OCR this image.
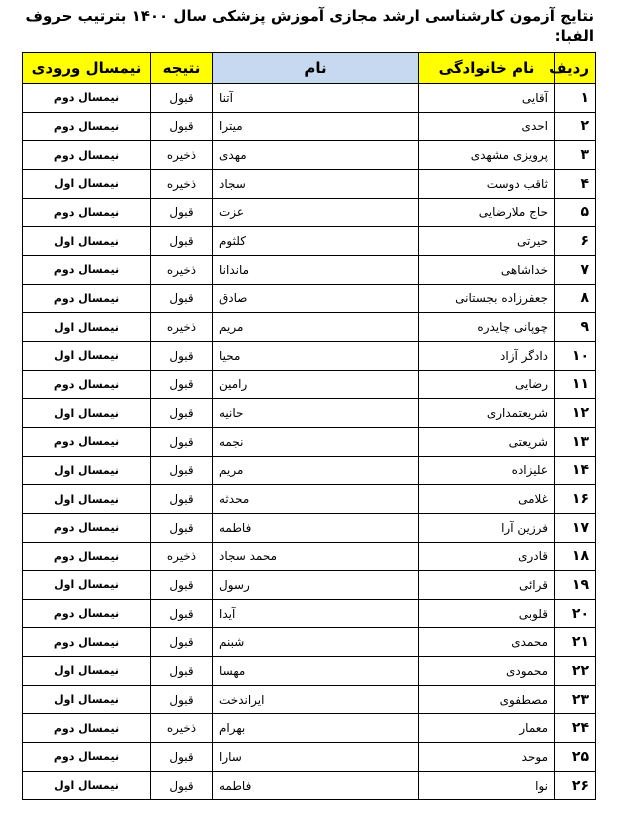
نتایج آزمون کارشناسی ارشد مجازی آموزش پزشکی سال ۱۴۰۰ بترتیب حروف الفبا:
ردیف	نام خانوادگی	نام	نتیجه	نیمسال ورودی
۱	آقایی	آتنا	قبول	نیمسال دوم
۲	احدی	میترا	قبول	نیمسال دوم
۳	پرویزی مشهدی	مهدی	ذخیره	نیمسال دوم
۴	ثاقب دوست	سجاد	ذخیره	نیمسال اول
۵	حاج ملارضایی	عزت	قبول	نیمسال دوم
۶	حیرتی	کلثوم	قبول	نیمسال اول
۷	خداشاهی	ماندانا	ذخیره	نیمسال دوم
۸	جعفرزاده بجستانی	صادق	قبول	نیمسال دوم
۹	چوپانی چایدره	مریم	ذخیره	نیمسال اول
۱۰	دادگر آزاد	محیا	قبول	نیمسال اول
۱۱	رضایی	رامین	قبول	نیمسال دوم
۱۲	شریعتمداری	حانیه	قبول	نیمسال اول
۱۳	شریعتی	نجمه	قبول	نیمسال دوم
۱۴	علیزاده	مریم	قبول	نیمسال اول
۱۶	غلامی	محدثه	قبول	نیمسال اول
۱۷	فرزین آرا	فاطمه	قبول	نیمسال دوم
۱۸	قادری	محمد سجاد	ذخیره	نیمسال دوم
۱۹	قرائی	رسول	قبول	نیمسال اول
۲۰	قلوبی	آیدا	قبول	نیمسال دوم
۲۱	محمدی	شبنم	قبول	نیمسال دوم
۲۲	محمودی	مهسا	قبول	نیمسال اول
۲۳	مصطفوی	ایراندخت	قبول	نیمسال اول
۲۴	معمار	بهرام	ذخیره	نیمسال دوم
۲۵	موحد	سارا	قبول	نیمسال دوم
۲۶	نوا	فاطمه	قبول	نیمسال اول
